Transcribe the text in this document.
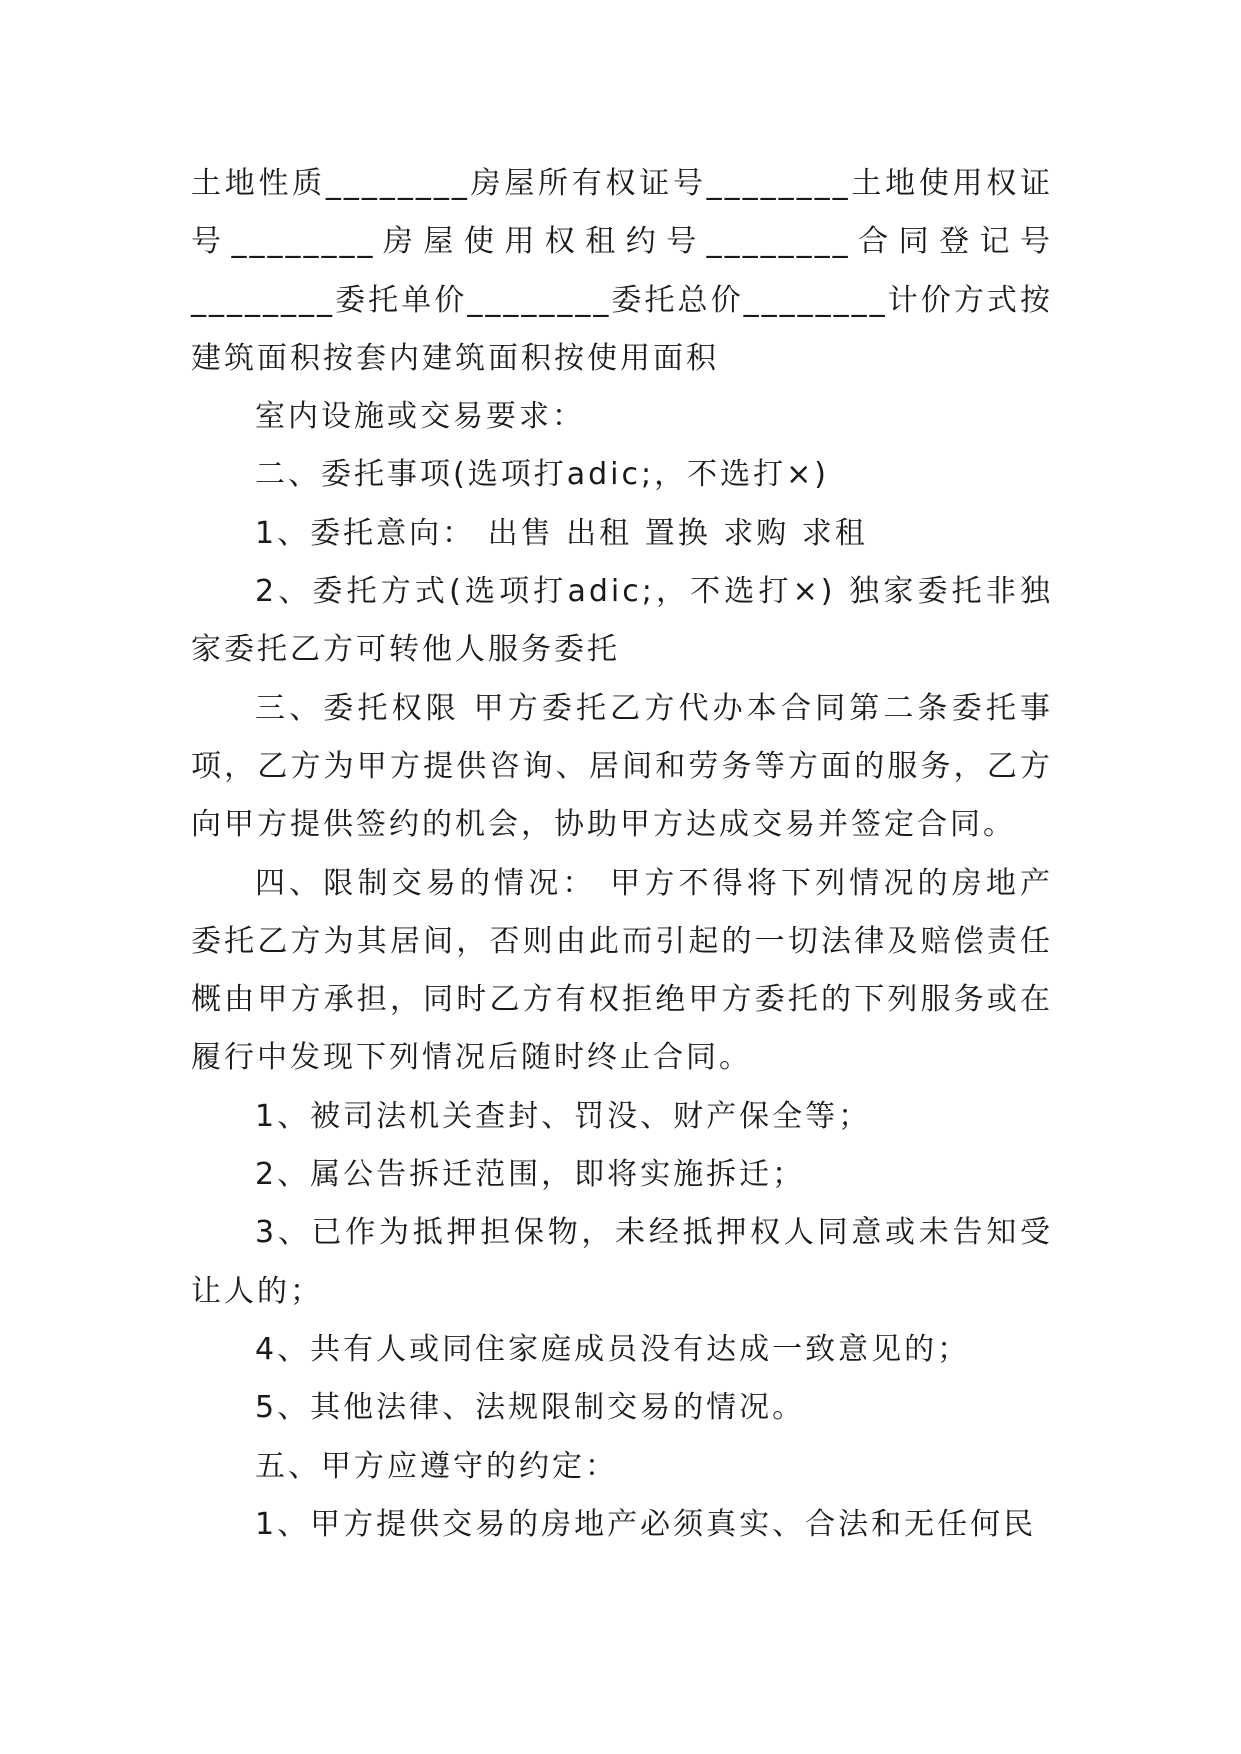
土地性质________房屋所有权证号________土地使用权证号________房屋使用权租约号________合同登记号________委托单价________委托总价________计价方式按建筑面积按套内建筑面积按使用面积

室内设施或交易要求：

二、委托事项(选项打adic;，不选打×)

1、委托意向： 出售 出租 置换 求购 求租

2、委托方式(选项打adic;，不选打×) 独家委托非独家委托乙方可转他人服务委托

三、委托权限 甲方委托乙方代办本合同第二条委托事项，乙方为甲方提供咨询、居间和劳务等方面的服务，乙方向甲方提供签约的机会，协助甲方达成交易并签定合同。

四、限制交易的情况： 甲方不得将下列情况的房地产委托乙方为其居间，否则由此而引起的一切法律及赔偿责任概由甲方承担，同时乙方有权拒绝甲方委托的下列服务或在履行中发现下列情况后随时终止合同。

1、被司法机关查封、罚没、财产保全等；

2、属公告拆迁范围，即将实施拆迁；

3、已作为抵押担保物，未经抵押权人同意或未告知受让人的；

4、共有人或同住家庭成员没有达成一致意见的；

5、其他法律、法规限制交易的情况。

五、甲方应遵守的约定：

1、甲方提供交易的房地产必须真实、合法和无任何民
